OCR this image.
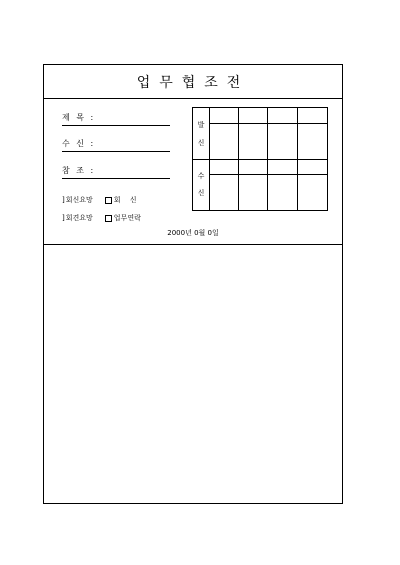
업무협조전
제 목 :
수 신 :
참 조 :
] 회신요망	회　 신
] 회견요망	업무연락
발
신
수
신
2000년 0월 0일
